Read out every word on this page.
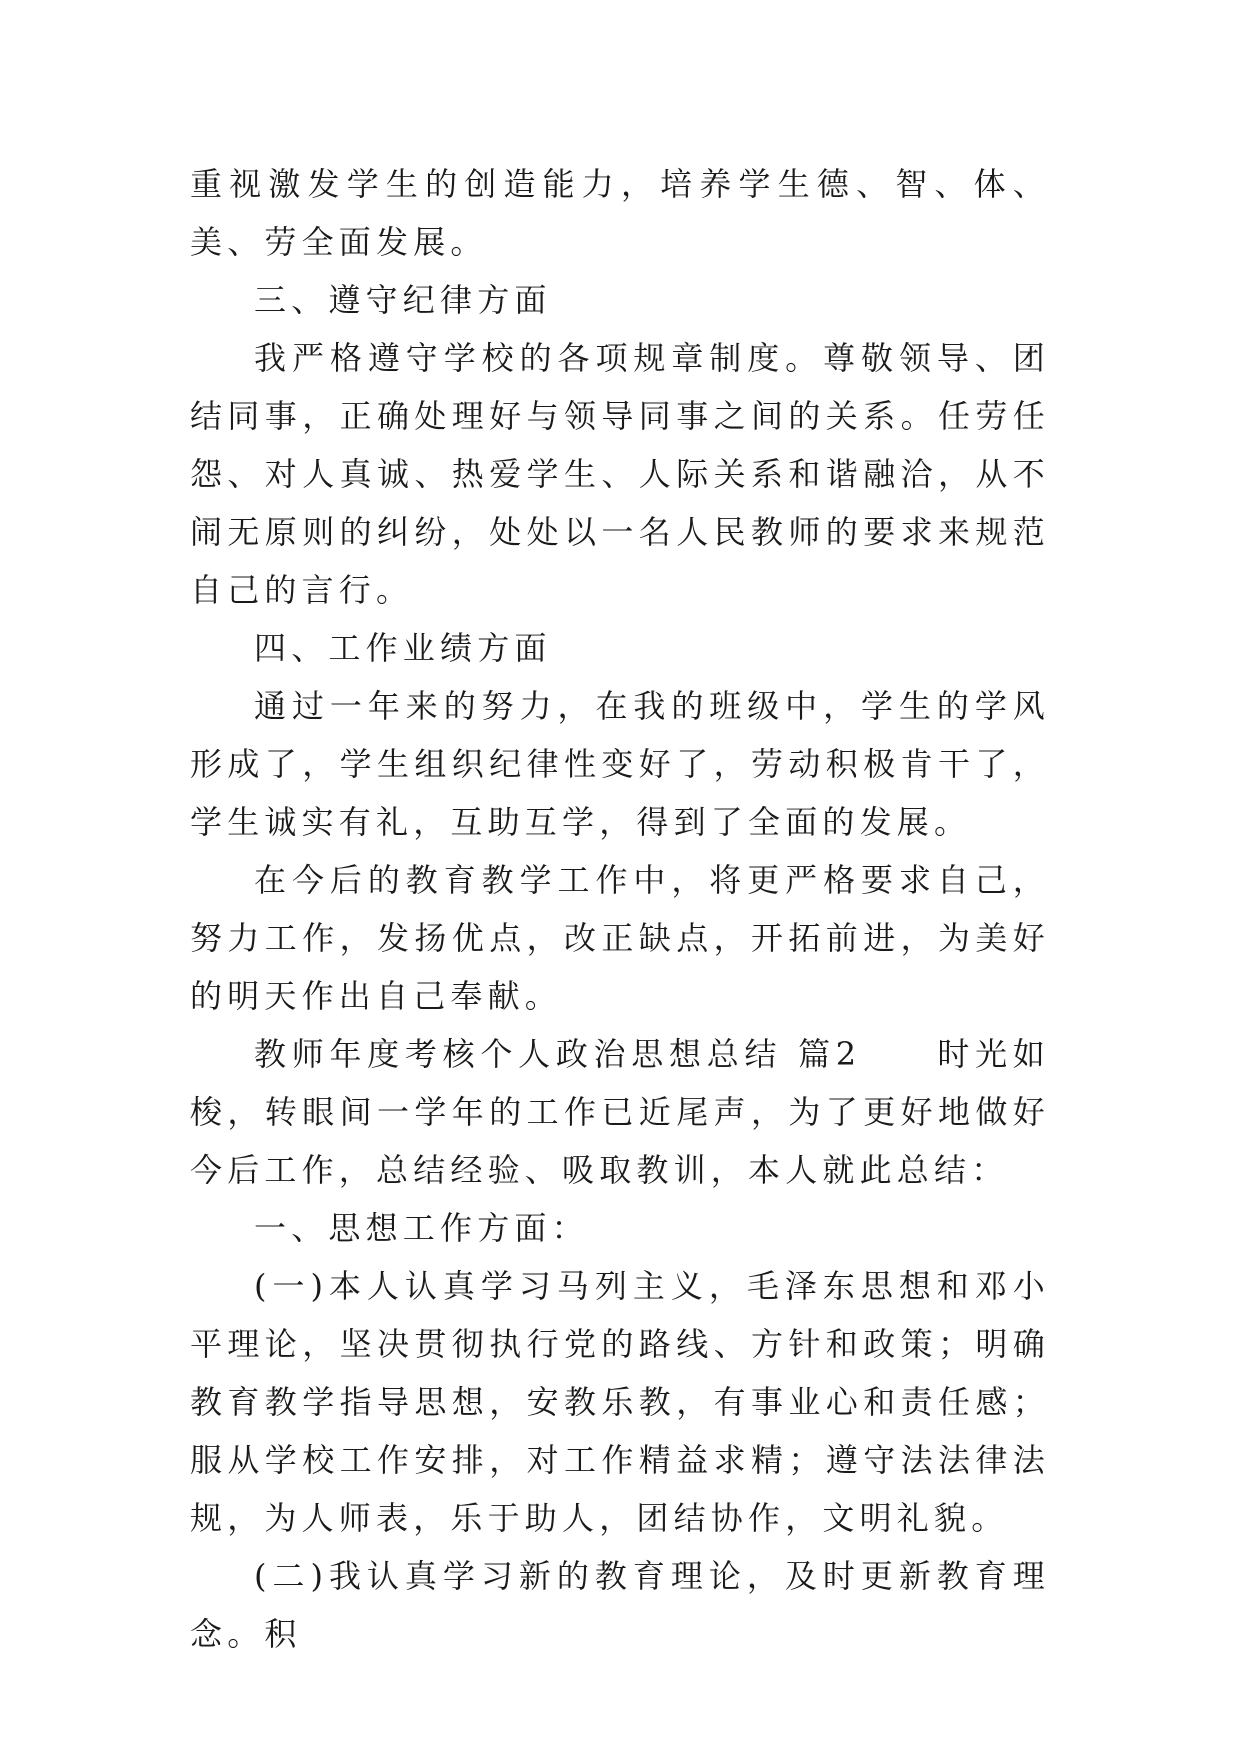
重视激发学生的创造能力，培养学生德、智、体、美、劳全面发展。

三、遵守纪律方面

我严格遵守学校的各项规章制度。尊敬领导、团结同事，正确处理好与领导同事之间的关系。任劳任怨、对人真诚、热爱学生、人际关系和谐融洽，从不闹无原则的纠纷，处处以一名人民教师的要求来规范自己的言行。

四、工作业绩方面

通过一年来的努力，在我的班级中，学生的学风形成了，学生组织纪律性变好了，劳动积极肯干了，学生诚实有礼，互助互学，得到了全面的发展。

在今后的教育教学工作中，将更严格要求自己，努力工作，发扬优点，改正缺点，开拓前进，为美好的明天作出自己奉献。

教师年度考核个人政治思想总结 篇2　　时光如梭，转眼间一学年的工作已近尾声，为了更好地做好今后工作，总结经验、吸取教训，本人就此总结：

一、思想工作方面：

(一)本人认真学习马列主义，毛泽东思想和邓小平理论，坚决贯彻执行党的路线、方针和政策；明确教育教学指导思想，安教乐教，有事业心和责任感；服从学校工作安排，对工作精益求精；遵守法法律法规，为人师表，乐于助人，团结协作，文明礼貌。

(二)我认真学习新的教育理论，及时更新教育理念。积
